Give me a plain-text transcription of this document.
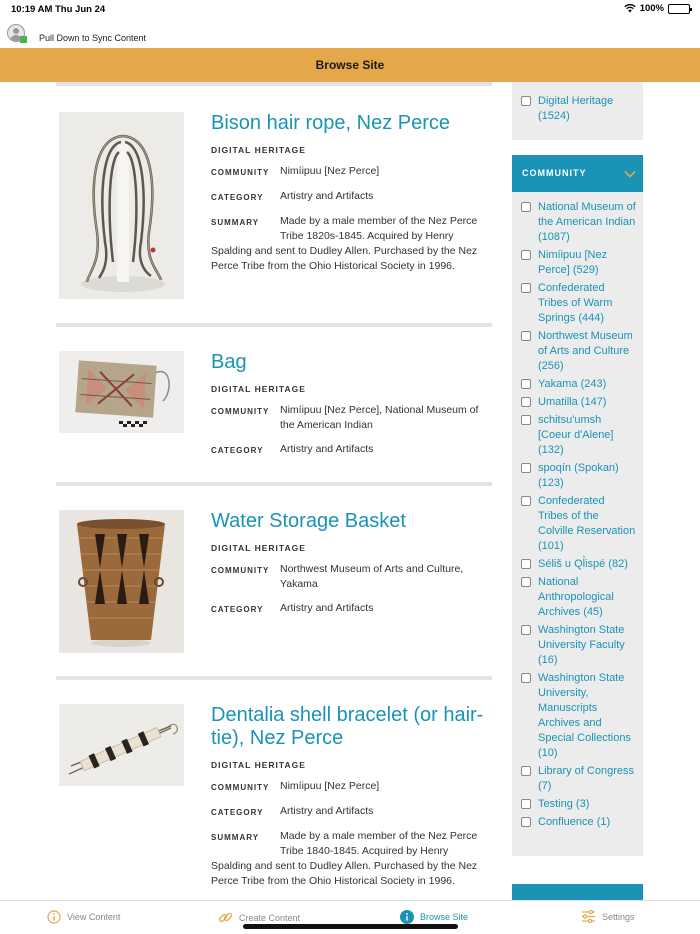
10:19 AM Thu Jun 24	100%
Pull Down to Sync Content
Browse Site
Bison hair rope, Nez Perce
DIGITAL HERITAGE
COMMUNITY	Nimíipuu [Nez Perce]
CATEGORY	Artistry and Artifacts
SUMMARY	Made by a male member of the Nez Perce Tribe 1820s-1845. Acquired by Henry Spalding and sent to Dudley Allen. Purchased by the Nez Perce Tribe from the Ohio Historical Society in 1996.
Bag
DIGITAL HERITAGE
COMMUNITY	Nimíipuu [Nez Perce], National Museum of the American Indian
CATEGORY	Artistry and Artifacts
Water Storage Basket
DIGITAL HERITAGE
COMMUNITY	Northwest Museum of Arts and Culture, Yakama
CATEGORY	Artistry and Artifacts
Dentalia shell bracelet (or hair-tie), Nez Perce
DIGITAL HERITAGE
COMMUNITY	Nimíipuu [Nez Perce]
CATEGORY	Artistry and Artifacts
SUMMARY	Made by a male member of the Nez Perce Tribe 1840-1845. Acquired by Henry Spalding and sent to Dudley Allen. Purchased by the Nez Perce Tribe from the Ohio Historical Society in 1996.
Digital Heritage (1524)
COMMUNITY
National Museum of the American Indian (1087)
Nimíipuu [Nez Perce] (529)
Confederated Tribes of Warm Springs (444)
Northwest Museum of Arts and Culture (256)
Yakama (243)
Umatilla (147)
schitsu'umsh [Coeur d'Alene] (132)
spoqín (Spokan) (123)
Confederated Tribes of the Colville Reservation (101)
Séliš u Ql̓ispé (82)
National Anthropological Archives (45)
Washington State University Faculty (16)
Washington State University, Manuscripts Archives and Special Collections (10)
Library of Congress (7)
Testing (3)
Confluence (1)
View Content	Create Content	Browse Site	Settings
